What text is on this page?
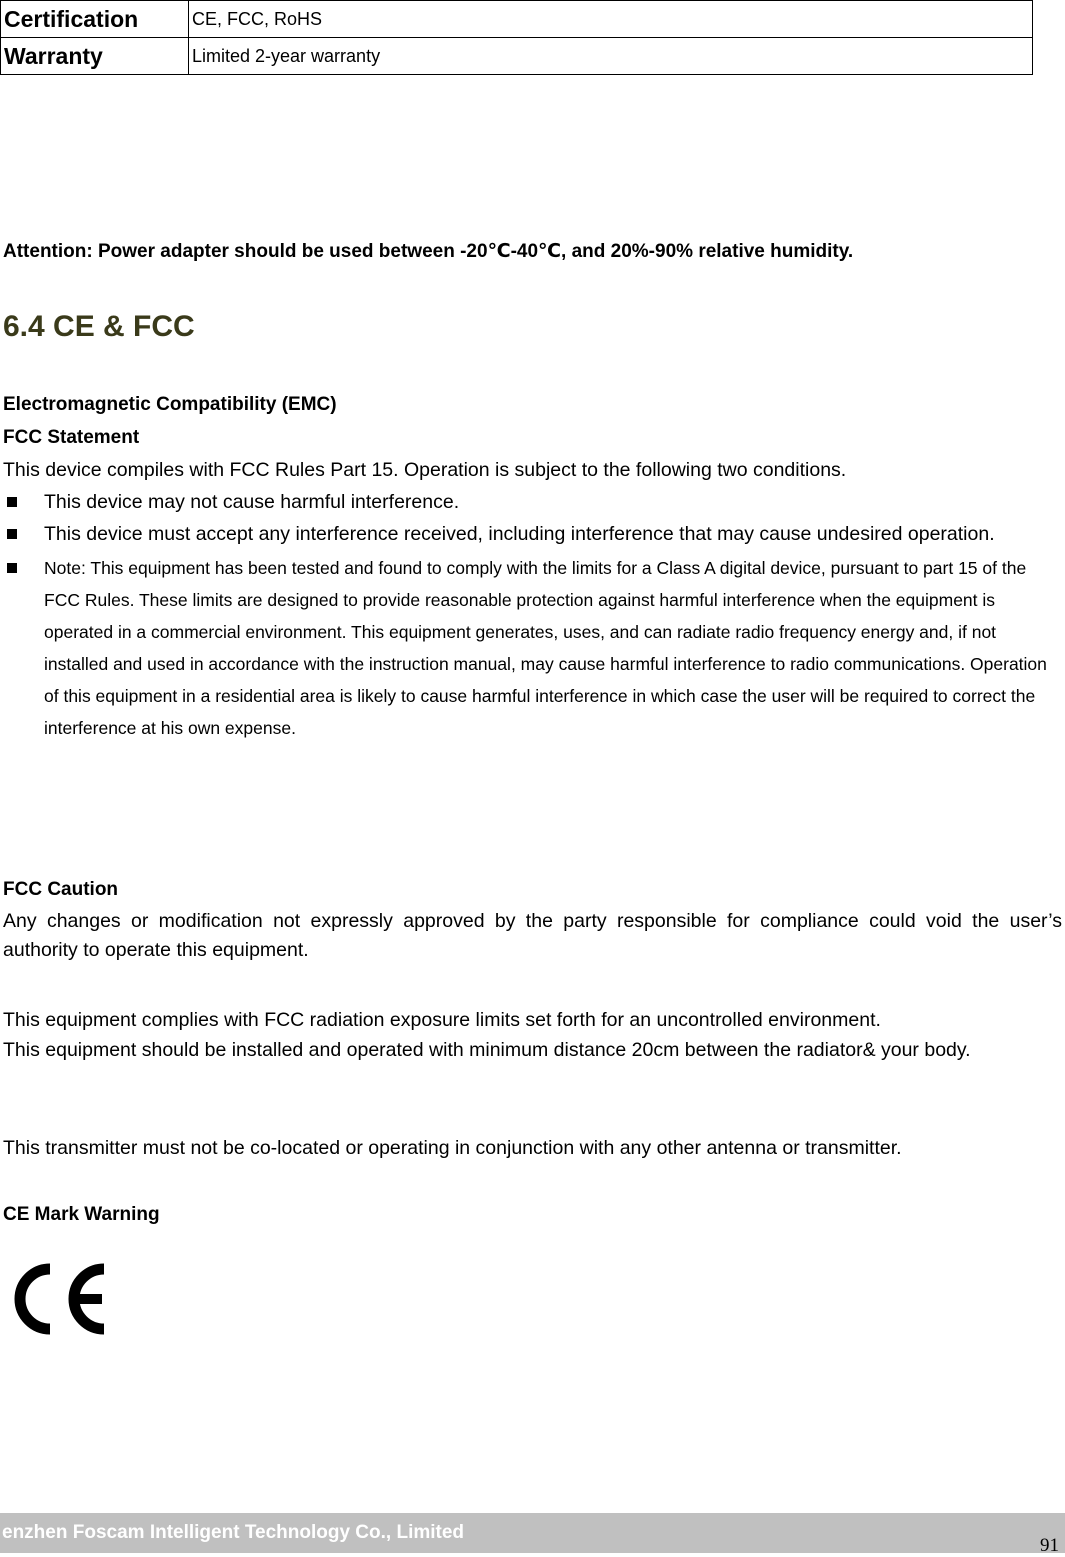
Certification	CE, FCC, RoHS
Warranty	Limited 2-year warranty
Attention: Power adapter should be used between -20℃-40℃, and 20%-90% relative humidity.
6.4 CE & FCC
Electromagnetic Compatibility (EMC)
FCC Statement
This device compiles with FCC Rules Part 15. Operation is subject to the following two conditions.
This device may not cause harmful interference.
This device must accept any interference received, including interference that may cause undesired operation.
Note: This equipment has been tested and found to comply with the limits for a Class A digital device, pursuant to part 15 of the FCC Rules. These limits are designed to provide reasonable protection against harmful interference when the equipment is operated in a commercial environment. This equipment generates, uses, and can radiate radio frequency energy and, if not installed and used in accordance with the instruction manual, may cause harmful interference to radio communications. Operation of this equipment in a residential area is likely to cause harmful interference in which case the user will be required to correct the interference at his own expense.
FCC Caution
Any changes or modification not expressly approved by the party responsible for compliance could void the user’s authority to operate this equipment.
This equipment complies with FCC radiation exposure limits set forth for an uncontrolled environment.
This equipment should be installed and operated with minimum distance 20cm between the radiator& your body.
This transmitter must not be co-located or operating in conjunction with any other antenna or transmitter.
CE Mark Warning
enzhen Foscam Intelligent Technology Co., Limited
91
